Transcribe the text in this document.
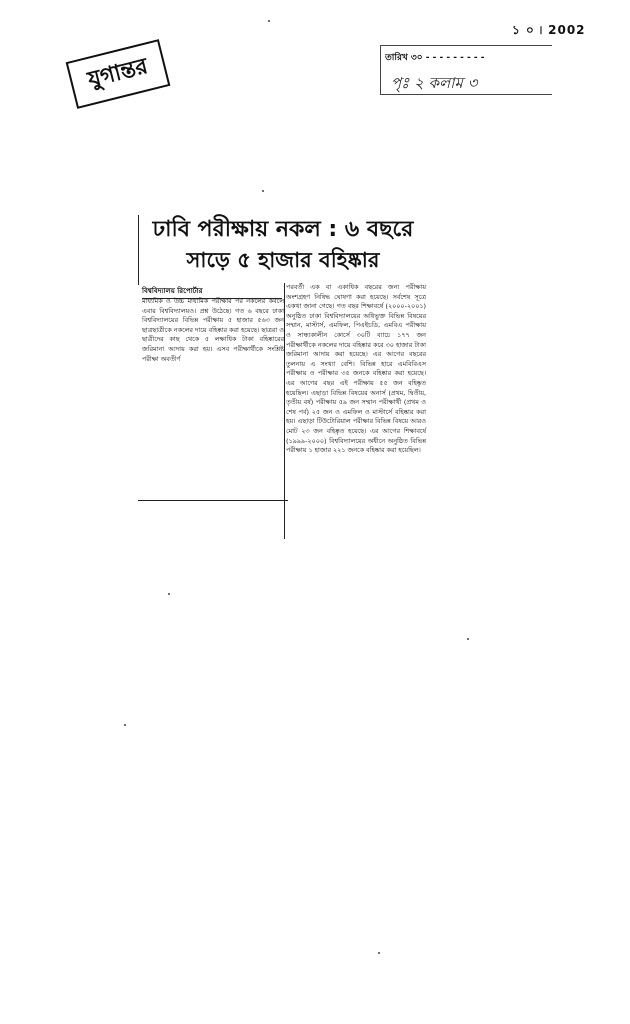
১ ০ ৷ 2002
যুগান্তর	তারিখ ৩০ - - - - - - - - -
পৃঃ ২ কলাম ৩
ঢাবি পরীক্ষায় নকল : ৬ বছরে
সাড়ে ৫ হাজার বহিষ্কার
বিশ্ববিদ্যালয় রিপোর্টার
মাধ্যমিক ও উচ্চ মাধ্যমিক পরীক্ষার পর নকলের কবলে এবার বিশ্ববিদ্যালয়ও। প্রশ্ন উঠেছে। গত ৬ বছরে ঢাকা বিশ্ববিদ্যালয়ের বিভিন্ন পরীক্ষায় ৫ হাজার ৫৬৩ জন ছাত্রছাত্রীকে নকলের দায়ে বহিষ্কার করা হয়েছে। ছাত্ররা ও ছাত্রীদের কাছ থেকে ৫ লক্ষাধিক টাকা বহিষ্কারের জরিমানা আদায় করা হয়। এসব পরীক্ষার্থীকে সংশ্লিষ্ট পরীক্ষা অবতীর্ণ
পরবর্তী এক বা একাধিক বছরের জন্য পরীক্ষায় অংশগ্রহণ নিষিদ্ধ ঘোষণা করা হয়েছে। সর্বশেষ সূত্রে একথা জানা গেছে। গত বছর শিক্ষাবর্ষে (২০০০-২০০১) অনুষ্ঠিত ঢাকা বিশ্ববিদ্যালয়ের অধিভুক্ত বিভিন্ন বিষয়ের সম্মান, মাস্টার্স, এমফিল, পিএইচডি, এমবিএ পরীক্ষায় ও সান্ধ্যকালীন কোর্সে ৩০টি ব্যাচে ১৭৭ জন পরীক্ষার্থীকে নকলের দায়ে বহিষ্কার করে ৩০ হাজার টাকা জরিমানা আদায় করা হয়েছে। এর আগের বছরের তুলনায় এ সংখ্যা বেশি। বিভিন্ন হারে এমবিবিএস পরীক্ষায় ও পরীক্ষার ৩৫ জনকে বহিষ্কার করা হয়েছে। এর আগের বছর এই পরীক্ষায় ৫৫ জন বহিষ্কৃত হয়েছিল। এছাড়া বিভিন্ন বিষয়ের অনার্স (প্রথম, দ্বিতীয়, তৃতীয় বর্ষ) পরীক্ষায় ৫৯ জন সম্মান পরীক্ষার্থী (প্রথম ও শেষ পর্ব) ২৫ জন ও এমফিল ও মাস্টার্সে বহিষ্কার করা হয়। এছাড়া টিউটোরিয়াল পরীক্ষার বিভিন্ন বিষয়ে আরও মোট ২৩ জন বহিষ্কৃত হয়েছে। এর আগের শিক্ষাবর্ষে (১৯৯৯-২০০০) বিশ্ববিদ্যালয়ের অধীনে অনুষ্ঠিত বিভিন্ন পরীক্ষায় ১ হাজার ২২১ জনকে বহিষ্কার করা হয়েছিল।
